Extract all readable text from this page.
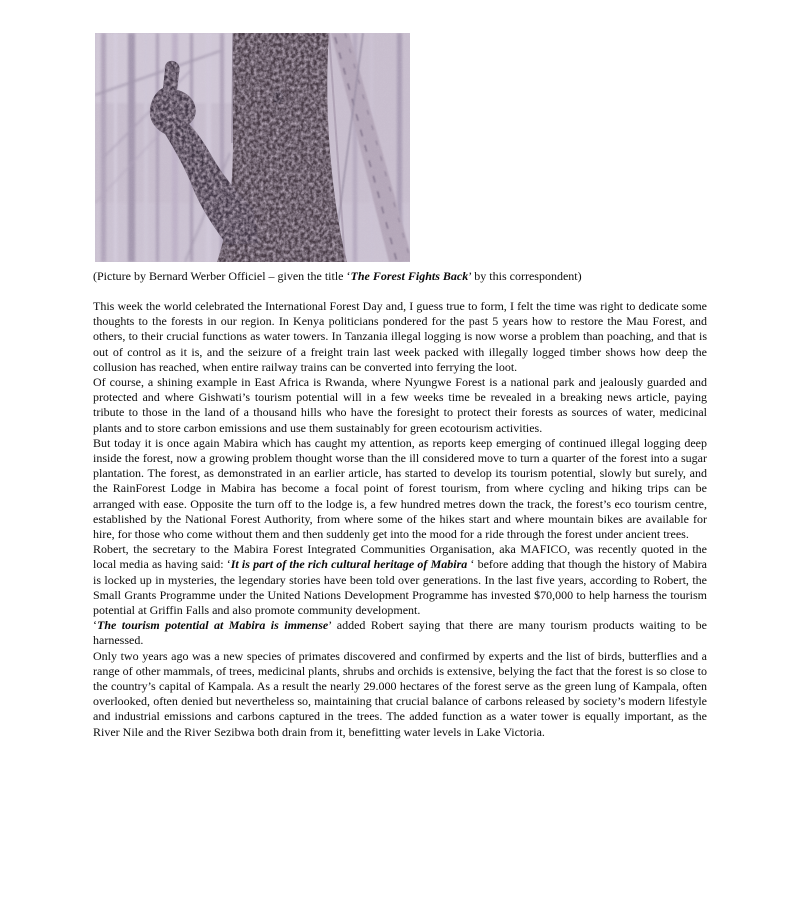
(Picture by Bernard Werber Officiel – given the title ‘The Forest Fights Back’ by this correspondent)

This week the world celebrated the International Forest Day and, I guess true to form, I felt the time was right to dedicate some thoughts to the forests in our region. In Kenya politicians pondered for the past 5 years how to restore the Mau Forest, and others, to their crucial functions as water towers. In Tanzania illegal logging is now worse a problem than poaching, and that is out of control as it is, and the seizure of a freight train last week packed with illegally logged timber shows how deep the collusion has reached, when entire railway trains can be converted into ferrying the loot.

Of course, a shining example in East Africa is Rwanda, where Nyungwe Forest is a national park and jealously guarded and protected and where Gishwati’s tourism potential will in a few weeks time be revealed in a breaking news article, paying tribute to those in the land of a thousand hills who have the foresight to protect their forests as sources of water, medicinal plants and to store carbon emissions and use them sustainably for green ecotourism activities.

But today it is once again Mabira which has caught my attention, as reports keep emerging of continued illegal logging deep inside the forest, now a growing problem thought worse than the ill considered move to turn a quarter of the forest into a sugar plantation. The forest, as demonstrated in an earlier article, has started to develop its tourism potential, slowly but surely, and the RainForest Lodge in Mabira has become a focal point of forest tourism, from where cycling and hiking trips can be arranged with ease. Opposite the turn off to the lodge is, a few hundred metres down the track, the forest’s eco tourism centre, established by the National Forest Authority, from where some of the hikes start and where mountain bikes are available for hire, for those who come without them and then suddenly get into the mood for a ride through the forest under ancient trees.

Robert, the secretary to the Mabira Forest Integrated Communities Organisation, aka MAFICO, was recently quoted in the local media as having said: ‘It is part of the rich cultural heritage of Mabira ‘ before adding that though the history of Mabira is locked up in mysteries, the legendary stories have been told over generations. In the last five years, according to Robert, the Small Grants Programme under the United Nations Development Programme has invested $70,000 to help harness the tourism potential at Griffin Falls and also promote community development.

‘The tourism potential at Mabira is immense’ added Robert saying that there are many tourism products waiting to be harnessed.

Only two years ago was a new species of primates discovered and confirmed by experts and the list of birds, butterflies and a range of other mammals, of trees, medicinal plants, shrubs and orchids is extensive, belying the fact that the forest is so close to the country’s capital of Kampala. As a result the nearly 29.000 hectares of the forest serve as the green lung of Kampala, often overlooked, often denied but nevertheless so, maintaining that crucial balance of carbons released by society’s modern lifestyle and industrial emissions and carbons captured in the trees. The added function as a water tower is equally important, as the River Nile and the River Sezibwa both drain from it, benefitting water levels in Lake Victoria.
